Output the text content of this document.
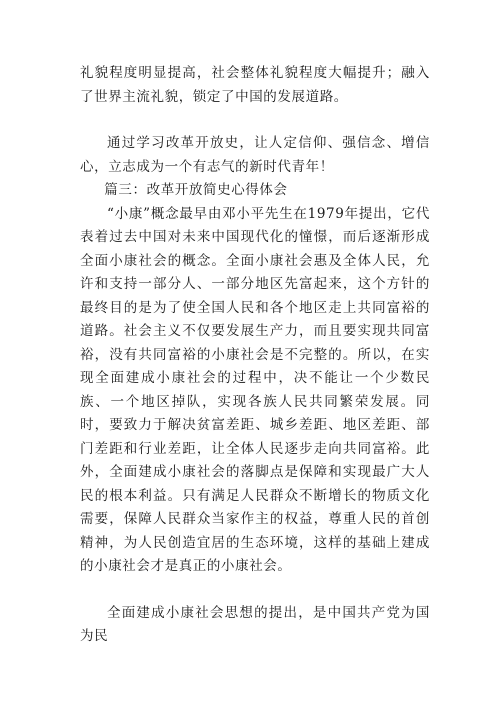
礼貌程度明显提高，社会整体礼貌程度大幅提升；融入了世界主流礼貌，锁定了中国的发展道路。

通过学习改革开放史，让人定信仰、强信念、增信心，立志成为一个有志气的新时代青年！

篇三：改革开放简史心得体会

“小康”概念最早由邓小平先生在1979年提出，它代表着过去中国对未来中国现代化的憧憬，而后逐渐形成全面小康社会的概念。全面小康社会惠及全体人民，允许和支持一部分人、一部分地区先富起来，这个方针的最终目的是为了使全国人民和各个地区走上共同富裕的道路。社会主义不仅要发展生产力，而且要实现共同富裕，没有共同富裕的小康社会是不完整的。所以，在实现全面建成小康社会的过程中，决不能让一个少数民族、一个地区掉队，实现各族人民共同繁荣发展。同时，要致力于解决贫富差距、城乡差距、地区差距、部门差距和行业差距，让全体人民逐步走向共同富裕。此外，全面建成小康社会的落脚点是保障和实现最广大人民的根本利益。只有满足人民群众不断增长的物质文化需要，保障人民群众当家作主的权益，尊重人民的首创精神，为人民创造宜居的生态环境，这样的基础上建成的小康社会才是真正的小康社会。

全面建成小康社会思想的提出，是中国共产党为国为民
